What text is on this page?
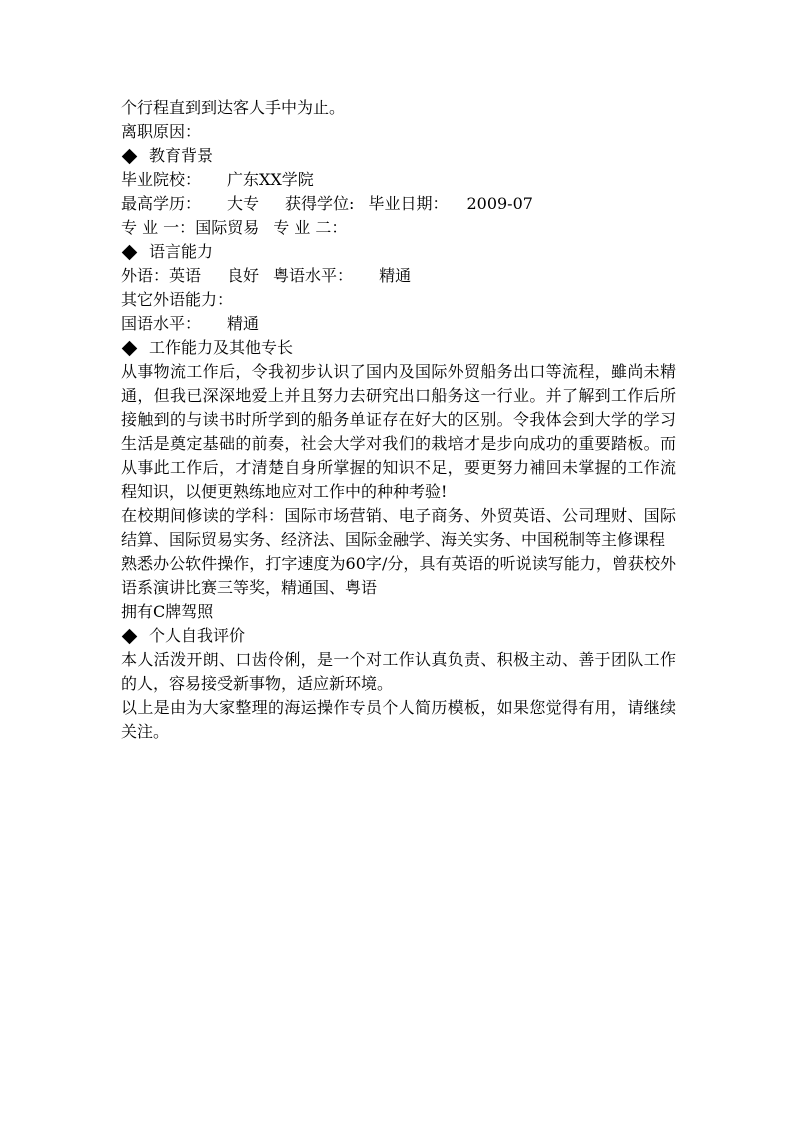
个行程直到到达客人手中为止。

离职原因：

教育背景
毕业院校： 广东XX学院
最高学历： 大专 获得学位: 毕业日期： 2009-07
专 业 一： 国际贸易 专 业 二：
语言能力
外语： 英语 良好 粤语水平： 精通

其它外语能力：

国语水平： 精通
工作能力及其他专长

从事物流工作后，令我初步认识了国内及国际外贸船务出口等流程，雖尚未精通，但我已深深地爱上并且努力去研究出口船务这一行业。并了解到工作后所接触到的与读书时所学到的船务单证存在好大的区别。令我体会到大学的学习生活是奠定基础的前奏，社会大学对我们的栽培才是步向成功的重要踏板。而从事此工作后，才清楚自身所掌握的知识不足，要更努力補回未掌握的工作流程知识，以便更熟练地应对工作中的种种考验!

在校期间修读的学科：国际市场营销、电子商务、外贸英语、公司理财、国际结算、国际贸易实务、经济法、国际金融学、海关实务、中国税制等主修课程

熟悉办公软件操作，打字速度为60字/分，具有英语的听说读写能力，曾获校外语系演讲比赛三等奖，精通国、粤语

拥有C牌驾照

个人自我评价

本人活泼开朗、口齿伶俐，是一个对工作认真负责、积极主动、善于团队工作的人，容易接受新事物，适应新环境。

以上是由为大家整理的海运操作专员个人简历模板，如果您觉得有用，请继续关注。
